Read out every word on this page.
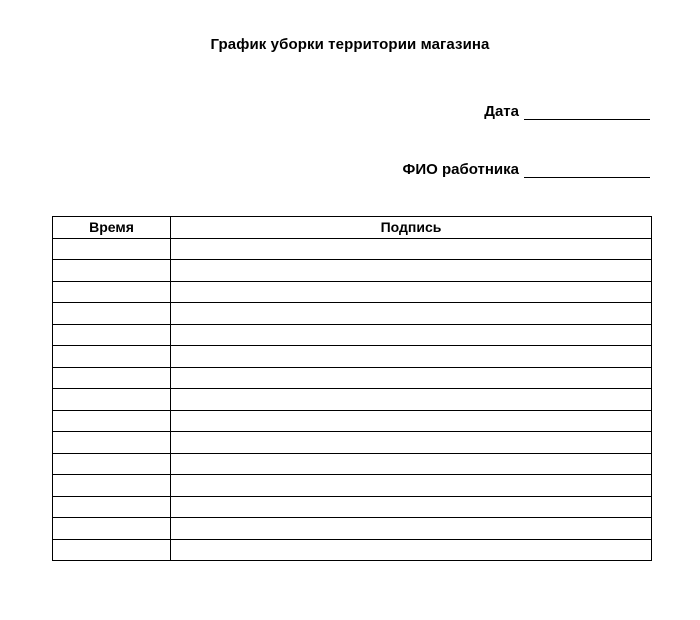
График уборки территории магазина
Дата
ФИО работника
Время	Подпись
